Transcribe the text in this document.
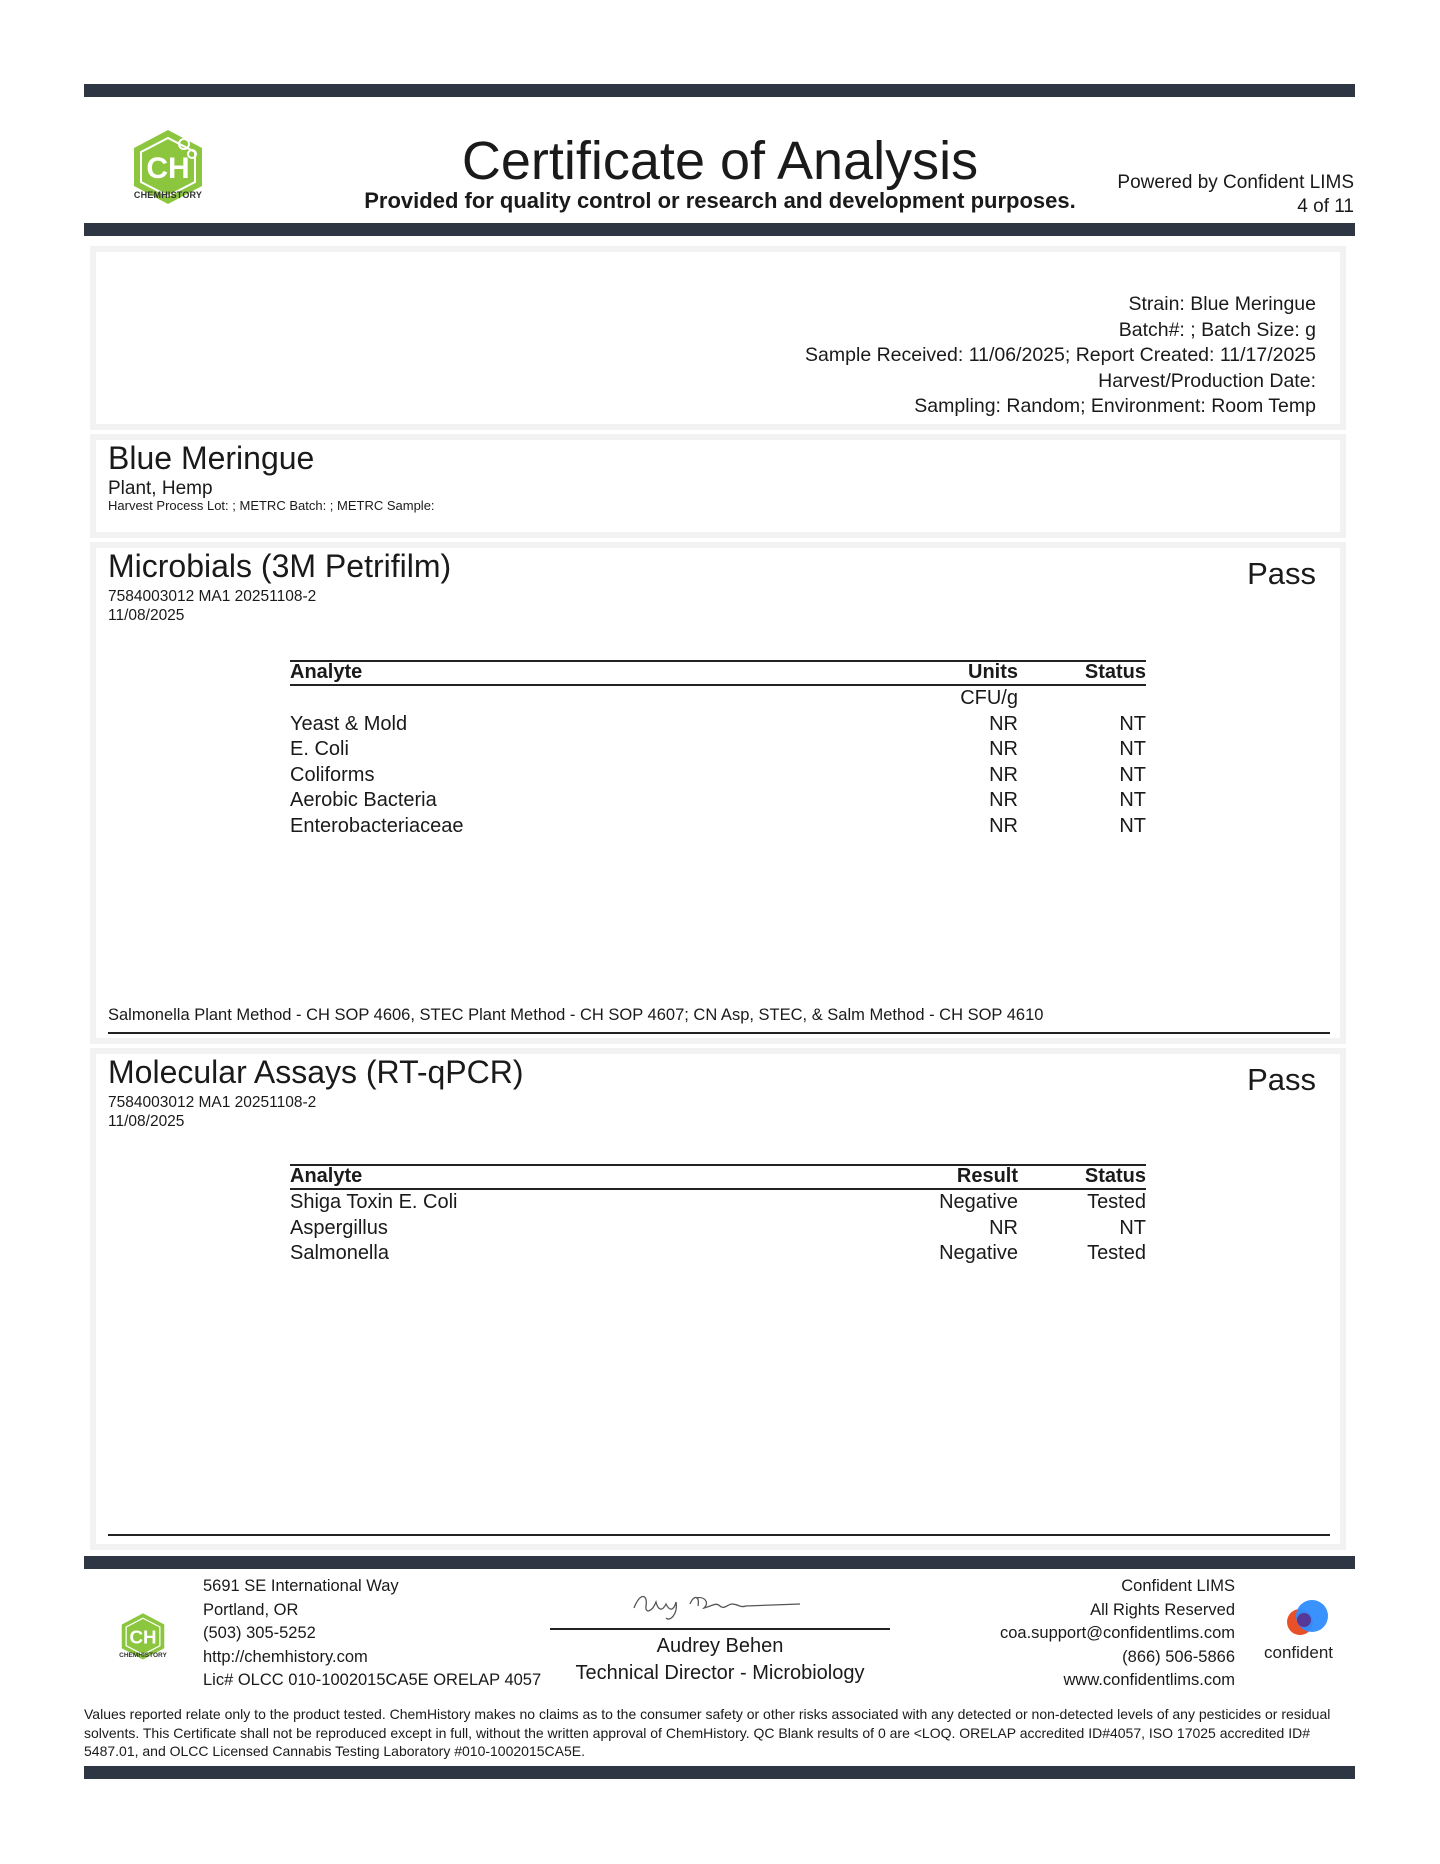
CH
CHEMHISTORY
Certificate of Analysis
Provided for quality control or research and development purposes.
Powered by Confident LIMS
4 of 11
Strain: Blue Meringue
Batch#: ; Batch Size: g
Sample Received: 11/06/2025; Report Created: 11/17/2025
Harvest/Production Date:
Sampling: Random; Environment: Room Temp
Blue Meringue
Plant, Hemp
Harvest Process Lot: ; METRC Batch: ; METRC Sample:
Microbials (3M Petrifilm)
7584003012 MA1 20251108-2
11/08/2025
Pass
Analyte	Units	Status
CFU/g
Yeast & Mold	NR	NT
E. Coli	NR	NT
Coliforms	NR	NT
Aerobic Bacteria	NR	NT
Enterobacteriaceae	NR	NT
Salmonella Plant Method - CH SOP 4606, STEC Plant Method - CH SOP 4607; CN Asp, STEC, & Salm Method - CH SOP 4610
Molecular Assays (RT-qPCR)
7584003012 MA1 20251108-2
11/08/2025
Pass
Analyte	Result	Status
Shiga Toxin E. Coli	Negative	Tested
Aspergillus	NR	NT
Salmonella	Negative	Tested
CH
CHEMHISTORY
5691 SE International Way
Portland, OR
(503) 305-5252
http://chemhistory.com
Lic# OLCC 010-1002015CA5E ORELAP 4057
Audrey Behen
Technical Director - Microbiology
Confident LIMS
All Rights Reserved
coa.support@confidentlims.com
(866) 506-5866
www.confidentlims.com
confident
Values reported relate only to the product tested. ChemHistory makes no claims as to the consumer safety or other risks associated with any detected or non-detected levels of any pesticides or residual solvents. This Certificate shall not be reproduced except in full, without the written approval of ChemHistory. QC Blank results of 0 are <LOQ. ORELAP accredited ID#4057, ISO 17025 accredited ID# 5487.01, and OLCC Licensed Cannabis Testing Laboratory #010-1002015CA5E.
